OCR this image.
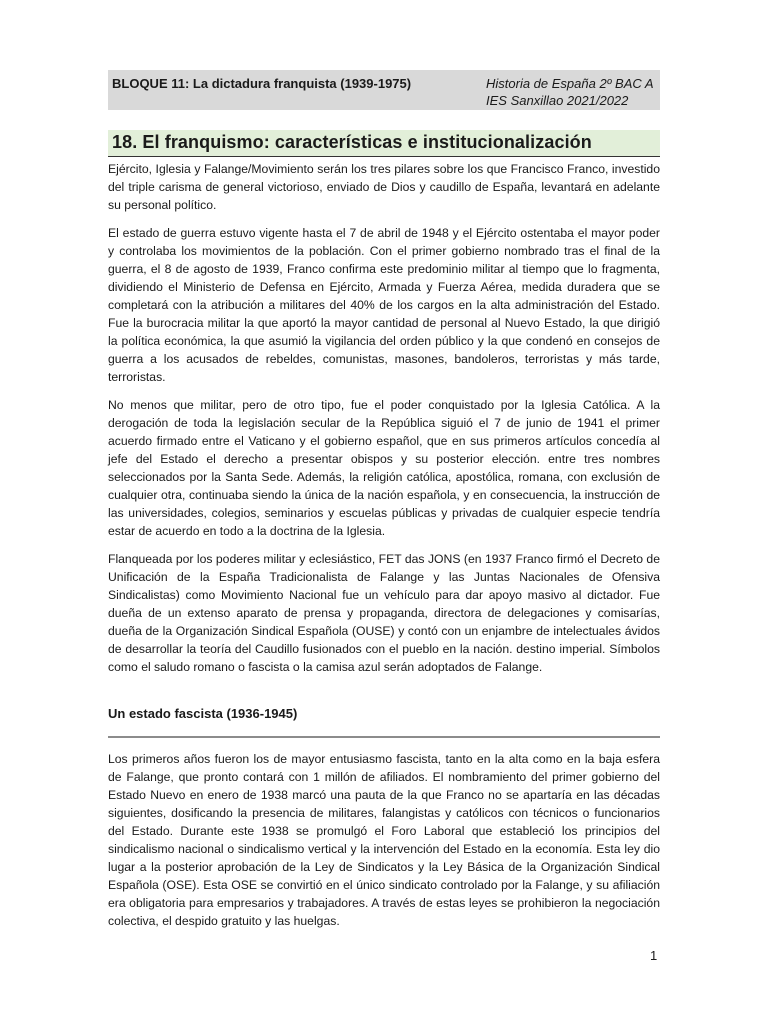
BLOQUE 11: La dictadura franquista (1939-1975)	Historia de España 2º BAC A
IES Sanxillao 2021/2022
18. El franquismo: características e institucionalización

Ejército, Iglesia y Falange/Movimiento serán los tres pilares sobre los que Francisco Franco, investido del triple carisma de general victorioso, enviado de Dios y caudillo de España, levantará en adelante su personal político.

El estado de guerra estuvo vigente hasta el 7 de abril de 1948 y el Ejército ostentaba el mayor poder y controlaba los movimientos de la población. Con el primer gobierno nombrado tras el final de la guerra, el 8 de agosto de 1939, Franco confirma este predominio militar al tiempo que lo fragmenta, dividiendo el Ministerio de Defensa en Ejército, Armada y Fuerza Aérea, medida duradera que se completará con la atribución a militares del 40% de los cargos en la alta administración del Estado. Fue la burocracia militar la que aportó la mayor cantidad de personal al Nuevo Estado, la que dirigió la política económica, la que asumió la vigilancia del orden público y la que condenó en consejos de guerra a los acusados de rebeldes, comunistas, masones, bandoleros, terroristas y más tarde, terroristas.

No menos que militar, pero de otro tipo, fue el poder conquistado por la Iglesia Católica. A la derogación de toda la legislación secular de la República siguió el 7 de junio de 1941 el primer acuerdo firmado entre el Vaticano y el gobierno español, que en sus primeros artículos concedía al jefe del Estado el derecho a presentar obispos y su posterior elección. entre tres nombres seleccionados por la Santa Sede. Además, la religión católica, apostólica, romana, con exclusión de cualquier otra, continuaba siendo la única de la nación española, y en consecuencia, la instrucción de las universidades, colegios, seminarios y escuelas públicas y privadas de cualquier especie tendría estar de acuerdo en todo a la doctrina de la Iglesia.

Flanqueada por los poderes militar y eclesiástico, FET das JONS (en 1937 Franco firmó el Decreto de Unificación de la España Tradicionalista de Falange y las Juntas Nacionales de Ofensiva Sindicalistas) como Movimiento Nacional fue un vehículo para dar apoyo masivo al dictador. Fue dueña de un extenso aparato de prensa y propaganda, directora de delegaciones y comisarías, dueña de la Organización Sindical Española (OUSE) y contó con un enjambre de intelectuales ávidos de desarrollar la teoría del Caudillo fusionados con el pueblo en la nación. destino imperial. Símbolos como el saludo romano o fascista o la camisa azul serán adoptados de Falange.

Un estado fascista (1936-1945)

Los primeros años fueron los de mayor entusiasmo fascista, tanto en la alta como en la baja esfera de Falange, que pronto contará con 1 millón de afiliados. El nombramiento del primer gobierno del Estado Nuevo en enero de 1938 marcó una pauta de la que Franco no se apartaría en las décadas siguientes, dosificando la presencia de militares, falangistas y católicos con técnicos o funcionarios del Estado. Durante este 1938 se promulgó el Foro Laboral que estableció los principios del sindicalismo nacional o sindicalismo vertical y la intervención del Estado en la economía. Esta ley dio lugar a la posterior aprobación de la Ley de Sindicatos y la Ley Básica de la Organización Sindical Española (OSE). Esta OSE se convirtió en el único sindicato controlado por la Falange, y su afiliación era obligatoria para empresarios y trabajadores. A través de estas leyes se prohibieron la negociación colectiva, el despido gratuito y las huelgas.

1
